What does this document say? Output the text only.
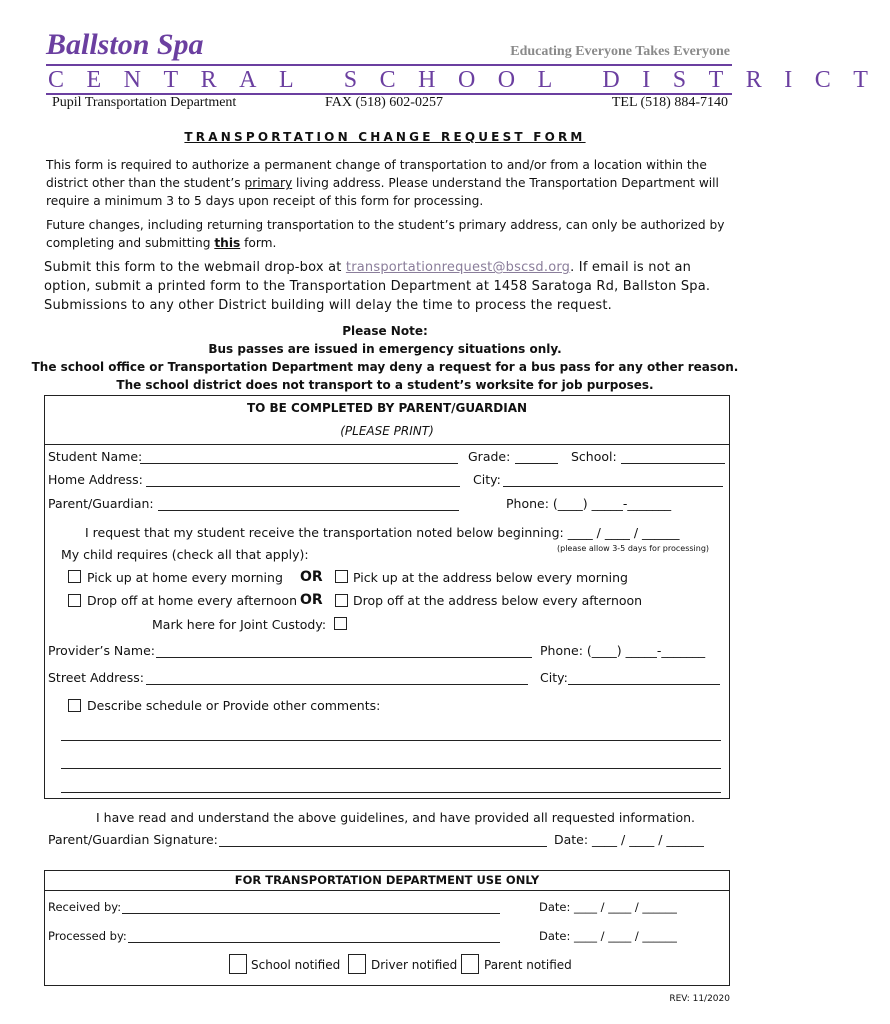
Ballston Spa	Educating Everyone Takes Everyone
CENTRAL SCHOOL DISTRICT
Pupil Transportation Department	FAX (518) 602-0257	TEL (518) 884-7140
TRANSPORTATION CHANGE REQUEST FORM
This form is required to authorize a permanent change of transportation to and/or from a location within the district other than the student’s primary living address. Please understand the Transportation Department will require a minimum 3 to 5 days upon receipt of this form for processing.
Future changes, including returning transportation to the student’s primary address, can only be authorized by completing and submitting this form.
Submit this form to the webmail drop-box at transportationrequest@bscsd.org. If email is not an option, submit a printed form to the Transportation Department at 1458 Saratoga Rd, Ballston Spa. Submissions to any other District building will delay the time to process the request.
Please Note:
Bus passes are issued in emergency situations only.
The school office or Transportation Department may deny a request for a bus pass for any other reason.
The school district does not transport to a student’s worksite for job purposes.
TO BE COMPLETED BY PARENT/GUARDIAN
(PLEASE PRINT)
Student Name:	Grade:	School:
Home Address:	City:
Parent/Guardian:	Phone: (____) _____-_______
I request that my student receive the transportation noted below beginning: ____ / ____ / ______
(please allow 3-5 days for processing)
My child requires (check all that apply):
Pick up at home every morning OR Pick up at the address below every morning
Drop off at home every afternoon OR Drop off at the address below every afternoon
Mark here for Joint Custody:
Provider’s Name:	Phone: (____) _____-_______
Street Address:	City:
Describe schedule or Provide other comments:
I have read and understand the above guidelines, and have provided all requested information.
Parent/Guardian Signature:	Date: ____ / ____ / ______
FOR TRANSPORTATION DEPARTMENT USE ONLY
Received by:	Date: ____ / ____ / ______
Processed by:	Date: ____ / ____ / ______
School notified	Driver notified Parent notified
REV: 11/2020
